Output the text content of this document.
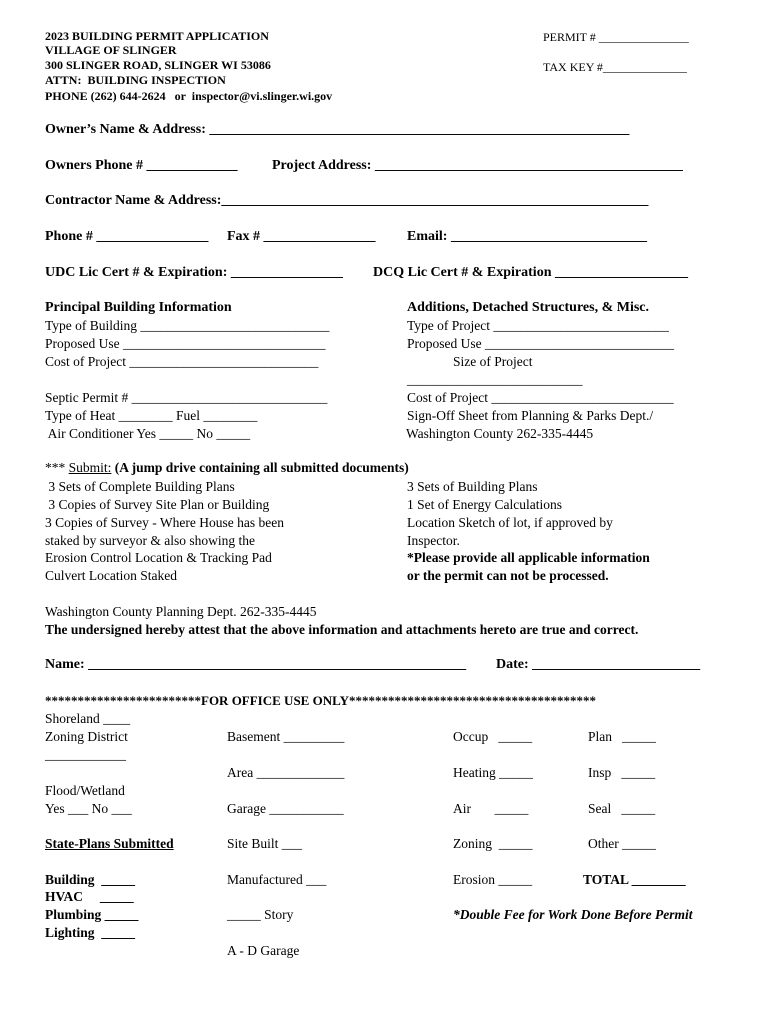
2023 BUILDING PERMIT APPLICATION
VILLAGE OF SLINGER
300 SLINGER ROAD, SLINGER WI 53086
ATTN:  BUILDING INSPECTION
PHONE (262) 644-2624   or  inspector@vi.slinger.wi.gov
PERMIT # _______________
TAX KEY #______________
Owner’s Name & Address: ____________________________________________________________
Owners Phone # _____________ Project Address: ____________________________________________
Contractor Name & Address:_____________________________________________________________
Phone # ________________ Fax # ________________ Email: ____________________________
UDC Lic Cert # & Expiration: ________________ DCQ Lic Cert # & Expiration ___________________
Principal Building Information
Type of Building ____________________________
Proposed Use ______________________________
Cost of Project ____________________________
Septic Permit # _____________________________
Type of Heat ________ Fuel ________
Air Conditioner Yes _____ No _____
Additions, Detached Structures, & Misc.
Type of Project __________________________
Proposed Use ____________________________
Size of Project
__________________________
Cost of Project ___________________________
Sign-Off Sheet from Planning & Parks Dept./
Washington County 262-335-4445
*** Submit: (A jump drive containing all submitted documents)
3 Sets of Complete Building Plans
3 Copies of Survey Site Plan or Building
3 Copies of Survey - Where House has been
staked by surveyor & also showing the
Erosion Control Location & Tracking Pad
Culvert Location Staked
3 Sets of Building Plans
1 Set of Energy Calculations
Location Sketch of lot, if approved by
Inspector.
*Please provide all applicable information
or the permit can not be processed.
Washington County Planning Dept. 262-335-4445
The undersigned hereby attest that the above information and attachments hereto are true and correct.
Name: ______________________________________________________ Date: ________________________
************************FOR OFFICE USE ONLY**************************************
Shoreland ____
Zoning District
____________
Flood/Wetland
Yes ___ No ___
State-Plans Submitted
Building  _____
HVAC     _____
Plumbing _____
Lighting  _____
Basement _________
Area _____________
Garage ___________
Site Built ___
Manufactured ___
_____ Story
A - D Garage
Occup   _____
Heating _____
Air       _____
Zoning  _____
Erosion _____
*Double Fee for Work Done Before Permit
Plan   _____
Insp   _____
Seal   _____
Other _____
TOTAL ________
